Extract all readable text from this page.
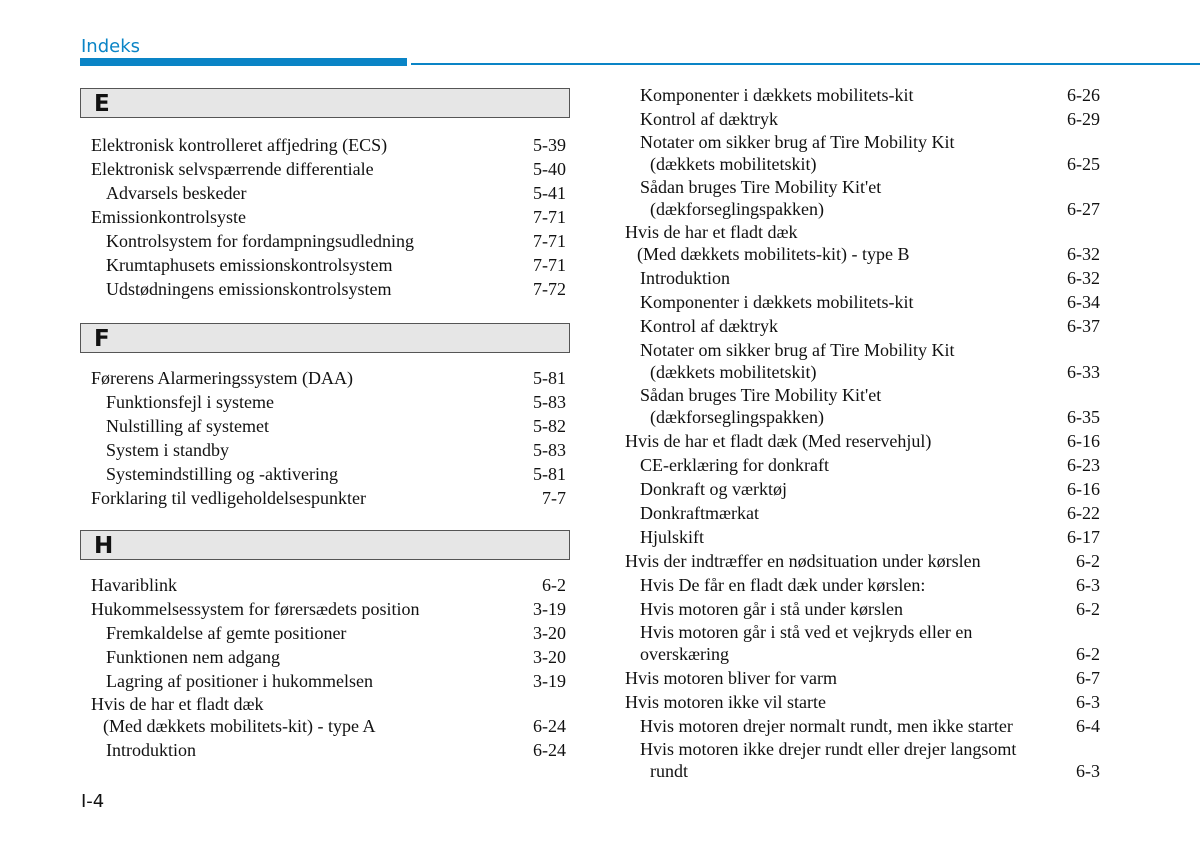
Indeks
E
Elektronisk kontrolleret affjedring (ECS)	5-39
Elektronisk selvspærrende differentiale	5-40
Advarsels beskeder	5-41
Emissionkontrolsyste	7-71
Kontrolsystem for fordampningsudledning	7-71
Krumtaphusets emissionskontrolsystem	7-71
Udstødningens emissionskontrolsystem	7-72
F
Førerens Alarmeringssystem (DAA)	5-81
Funktionsfejl i systeme	5-83
Nulstilling af systemet	5-82
System i standby	5-83
Systemindstilling og -aktivering	5-81
Forklaring til vedligeholdelsespunkter	7-7
H
Havariblink	6-2
Hukommelsessystem for førersædets position	3-19
Fremkaldelse af gemte positioner	3-20
Funktionen nem adgang	3-20
Lagring af positioner i hukommelsen	3-19
Hvis de har et fladt dæk
(Med dækkets mobilitets-kit) - type A	6-24
Introduktion	6-24
Komponenter i dækkets mobilitets-kit	6-26
Kontrol af dæktryk	6-29
Notater om sikker brug af Tire Mobility Kit
(dækkets mobilitetskit)	6-25
Sådan bruges Tire Mobility Kit'et
(dækforseglingspakken)	6-27
Hvis de har et fladt dæk
(Med dækkets mobilitets-kit) - type B	6-32
Introduktion	6-32
Komponenter i dækkets mobilitets-kit	6-34
Kontrol af dæktryk	6-37
Notater om sikker brug af Tire Mobility Kit
(dækkets mobilitetskit)	6-33
Sådan bruges Tire Mobility Kit'et
(dækforseglingspakken)	6-35
Hvis de har et fladt dæk (Med reservehjul)	6-16
CE-erklæring for donkraft	6-23
Donkraft og værktøj	6-16
Donkraftmærkat	6-22
Hjulskift	6-17
Hvis der indtræffer en nødsituation under kørslen	6-2
Hvis De får en fladt dæk under kørslen:	6-3
Hvis motoren går i stå under kørslen	6-2
Hvis motoren går i stå ved et vejkryds eller en
overskæring	6-2
Hvis motoren bliver for varm	6-7
Hvis motoren ikke vil starte	6-3
Hvis motoren drejer normalt rundt, men ikke starter	6-4
Hvis motoren ikke drejer rundt eller drejer langsomt
rundt	6-3
I-4
